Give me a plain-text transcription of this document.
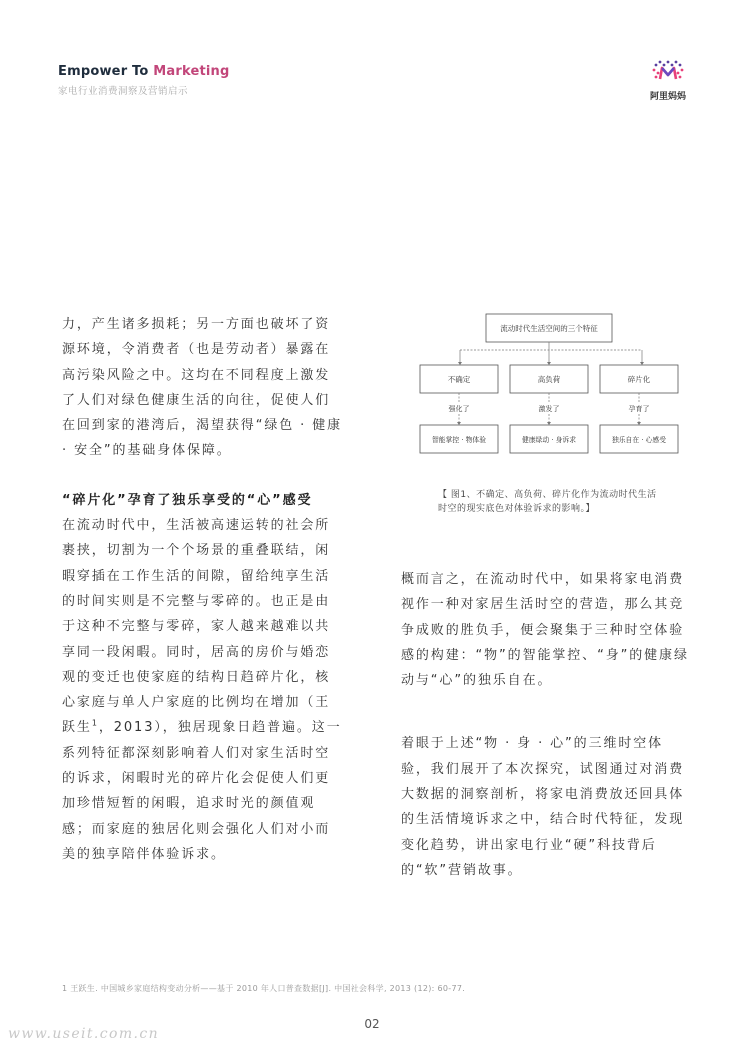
Empower To Marketing
家电行业消费洞察及营销启示	阿里妈妈

力，产生诸多损耗；另一方面也破坏了资源环境，令消费者（也是劳动者）暴露在高污染风险之中。这均在不同程度上激发了人们对绿色健康生活的向往，促使人们在回到家的港湾后，渴望获得“绿色 · 健康 · 安全”的基础身体保障。

“碎片化”孕育了独乐享受的“心”感受

在流动时代中，生活被高速运转的社会所裹挟，切割为一个个场景的重叠联结，闲暇穿插在工作生活的间隙，留给纯享生活的时间实则是不完整与零碎的。也正是由于这种不完整与零碎，家人越来越难以共享同一段闲暇。同时，居高的房价与婚恋观的变迁也使家庭的结构日趋碎片化，核心家庭与单人户家庭的比例均在增加（王跃生$^1$，2013），独居现象日趋普遍。这一系列特征都深刻影响着人们对家生活时空的诉求，闲暇时光的碎片化会促使人们更加珍惜短暂的闲暇，追求时光的颜值观感；而家庭的独居化则会强化人们对小而美的独享陪伴体验诉求。

流动时代生活空间的三个特征
不确定	高负荷	碎片化
强化了	激发了	孕育了
智能掌控 · 物体验	健康绿动 · 身诉求	独乐自在 · 心感受
【 图1、不确定、高负荷、碎片化作为流动时代生活
时空的现实底色对体验诉求的影响。】

概而言之，在流动时代中，如果将家电消费视作一种对家居生活时空的营造，那么其竞争成败的胜负手，便会聚集于三种时空体验感的构建：“物”的智能掌控、“身”的健康绿动与“心”的独乐自在。

着眼于上述“物 · 身 · 心”的三维时空体验，我们展开了本次探究，试图通过对消费大数据的洞察剖析，将家电消费放还回具体的生活情境诉求之中，结合时代特征，发现变化趋势，讲出家电行业“硬”科技背后的“软”营销故事。

1 王跃生. 中国城乡家庭结构变动分析——基于 2010 年人口普查数据[J]. 中国社会科学, 2013 (12): 60-77.
02
www.useit.com.cn
